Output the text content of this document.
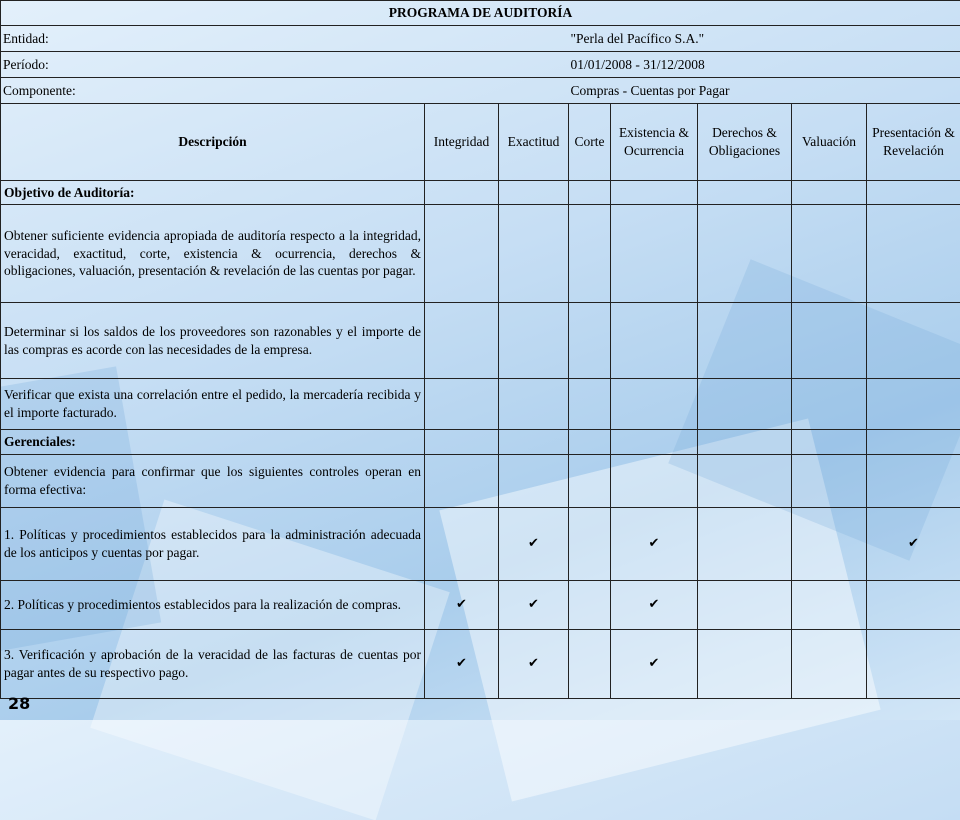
PROGRAMA DE AUDITORÍA							
Entidad:			"Perla del Pacífico S.A."				
Período:			01/01/2008 - 31/12/2008				
Componente:			Compras - Cuentas por Pagar				
Descripción	Integridad	Exactitud	Corte	Existencia & Ocurrencia	Derechos & Obligaciones	Valuación	Presentación & Revelación
Objetivo de Auditoría:							
Obtener suficiente evidencia apropiada de auditoría respecto a la integridad, veracidad, exactitud, corte, existencia & ocurrencia, derechos & obligaciones, valuación, presentación & revelación de las cuentas por pagar.							
Determinar si los saldos de los proveedores son razonables y el importe de las compras es acorde con las necesidades de la empresa.							
Verificar que exista una correlación entre el pedido, la mercadería recibida y el importe facturado.							
Gerenciales:							
Obtener evidencia para confirmar que los siguientes controles operan en forma efectiva:							
1. Políticas y procedimientos establecidos para la administración adecuada de los anticipos y cuentas por pagar.		✔		✔			✔
2. Políticas y procedimientos establecidos para la realización de compras.	✔	✔		✔			
3. Verificación y aprobación de la veracidad de las facturas de cuentas por pagar antes de su respectivo pago.	✔	✔		✔			
28
